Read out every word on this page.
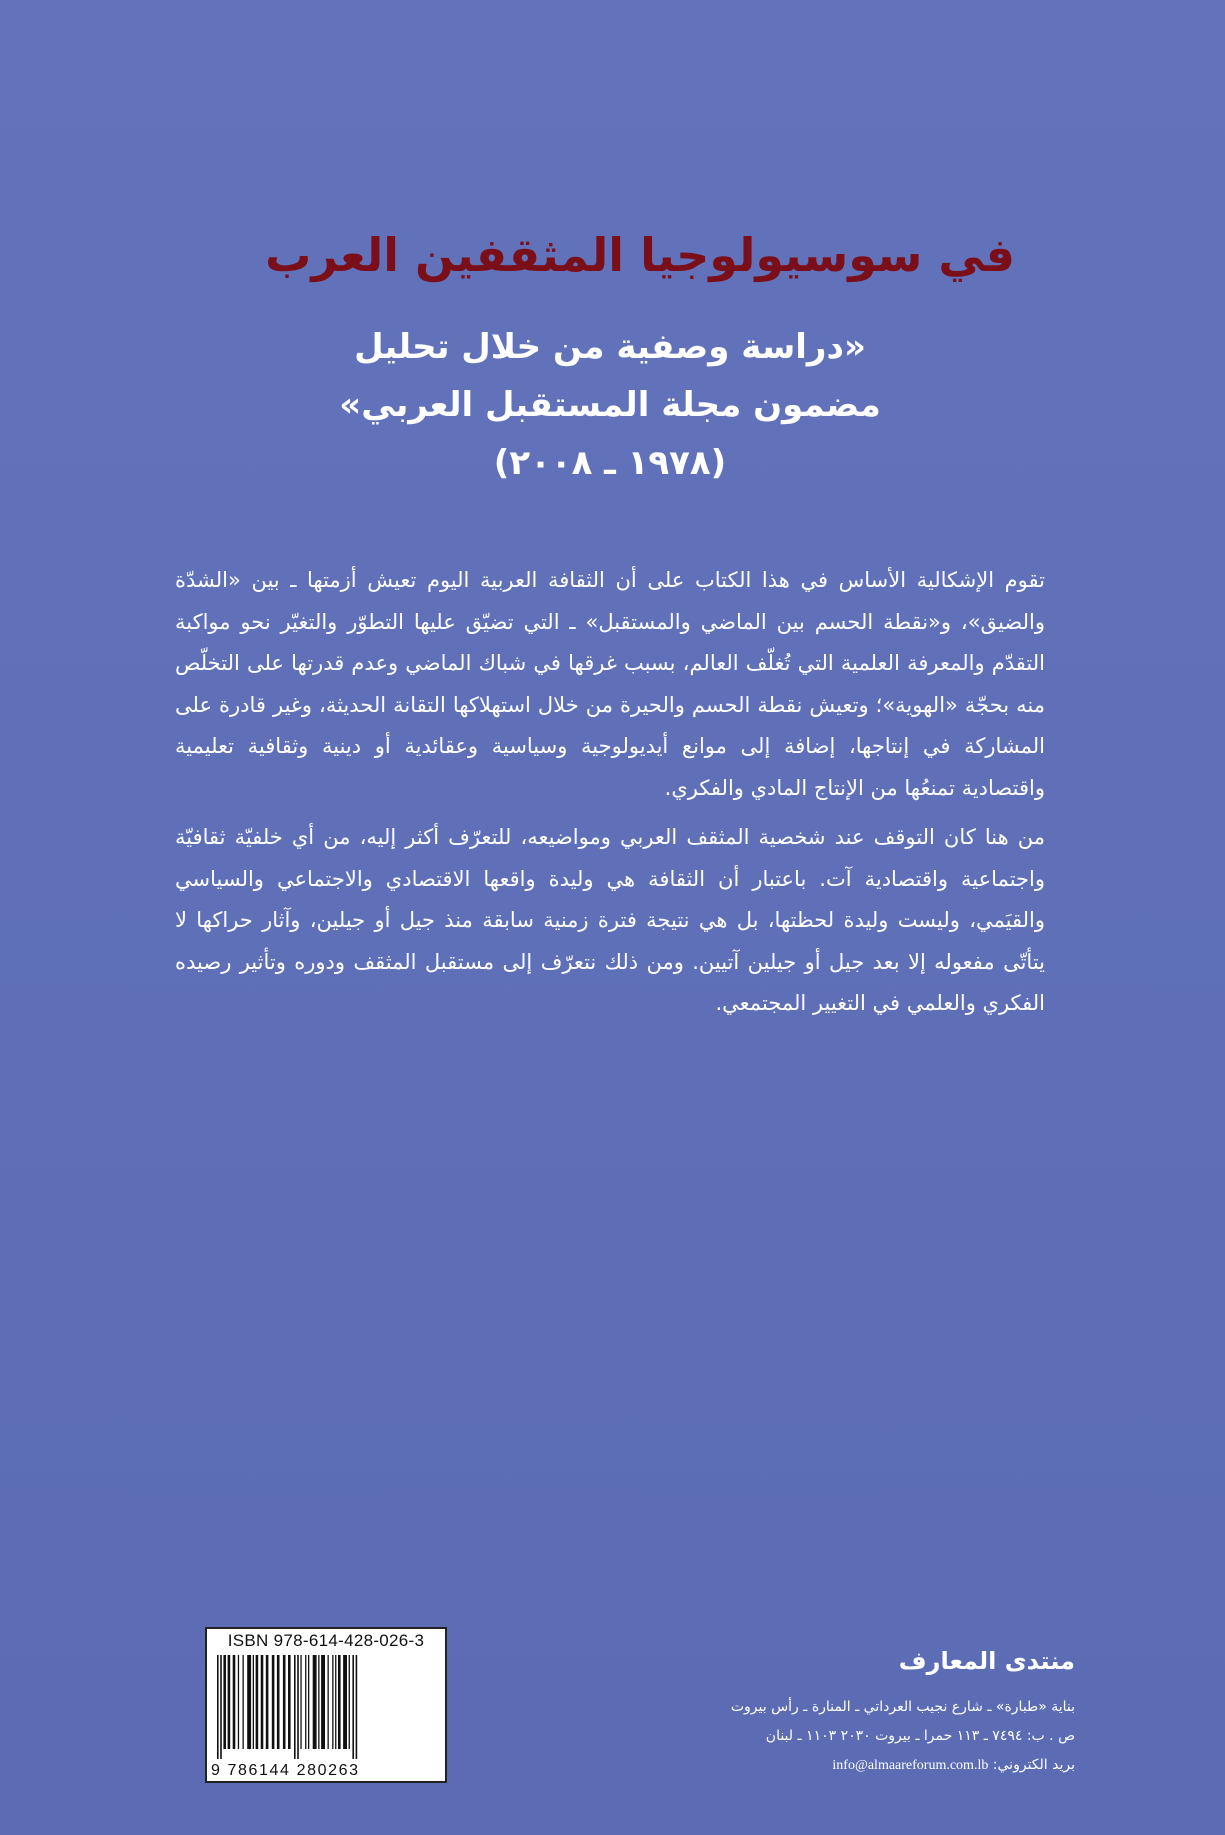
في سوسيولوجيا المثقفين العرب
«دراسة وصفية من خلال تحليل
مضمون مجلة المستقبل العربي»
(١٩٧٨ ـ ٢٠٠٨)

تقوم الإشكالية الأساس في هذا الكتاب على أن الثقافة العربية اليوم تعيش أزمتها ـ بين «الشدّة والضيق»، و«نقطة الحسم بين الماضي والمستقبل» ـ التي تضيّق عليها التطوّر والتغيّر نحو مواكبة التقدّم والمعرفة العلمية التي تُغلّف العالم، بسبب غرقها في شباك الماضي وعدم قدرتها على التخلّص منه بحجّة «الهوية»؛ وتعيش نقطة الحسم والحيرة من خلال استهلاكها التقانة الحديثة، وغير قادرة على المشاركة في إنتاجها، إضافة إلى موانع أيديولوجية وسياسية وعقائدية أو دينية وثقافية تعليمية واقتصادية تمنعُها من الإنتاج المادي والفكري.

من هنا كان التوقف عند شخصية المثقف العربي ومواضيعه، للتعرّف أكثر إليه، من أي خلفيّة ثقافيّة واجتماعية واقتصادية آت. باعتبار أن الثقافة هي وليدة واقعها الاقتصادي والاجتماعي والسياسي والقيَمي، وليست وليدة لحظتها، بل هي نتيجة فترة زمنية سابقة منذ جيل أو جيلين، وآثار حراكها لا يتأتّى مفعوله إلا بعد جيل أو جيلين آتيين. ومن ذلك نتعرّف إلى مستقبل المثقف ودوره وتأثير رصيده الفكري والعلمي في التغيير المجتمعي.

ISBN 978-614-428-026-3
9 786144 280263
منتدى المعارف
بناية «طبارة» ـ شارع نجيب العرداتي ـ المنارة ـ رأس بيروت
ص . ب: ٧٤٩٤ ـ ١١٣ حمرا ـ بيروت ٢٠٣٠ ١١٠٣ ـ لبنان
بريد الكتروني: info@almaareforum.com.lb
